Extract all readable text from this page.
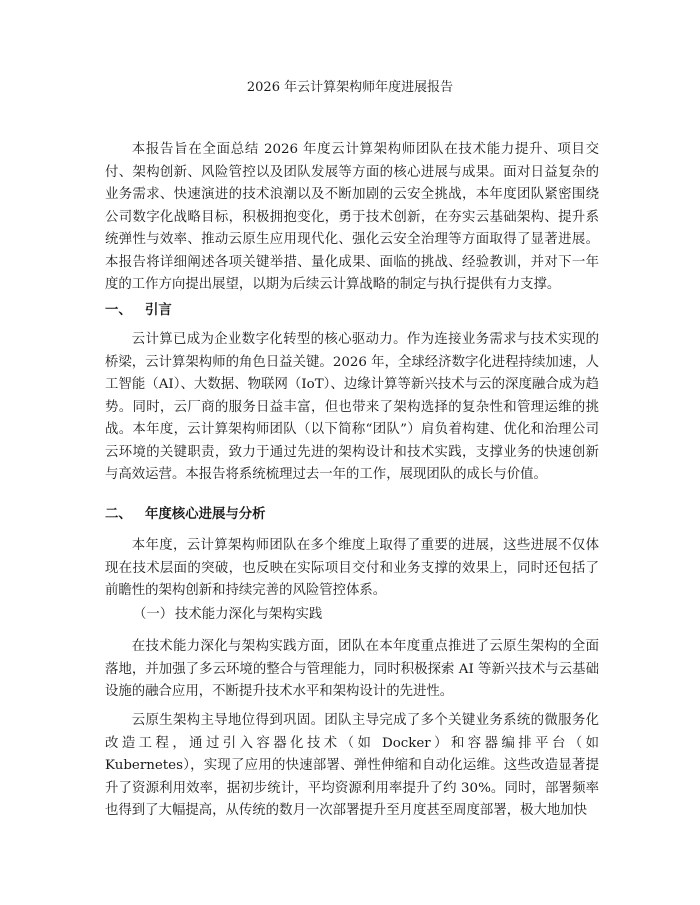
2026 年云计算架构师年度进展报告

本报告旨在全面总结 2026 年度云计算架构师团队在技术能力提升、项目交付、架构创新、风险管控以及团队发展等方面的核心进展与成果。面对日益复杂的业务需求、快速演进的技术浪潮以及不断加剧的云安全挑战，本年度团队紧密围绕公司数字化战略目标，积极拥抱变化，勇于技术创新，在夯实云基础架构、提升系统弹性与效率、推动云原生应用现代化、强化云安全治理等方面取得了显著进展。本报告将详细阐述各项关键举措、量化成果、面临的挑战、经验教训，并对下一年度的工作方向提出展望，以期为后续云计算战略的制定与执行提供有力支撑。

一、 引言

云计算已成为企业数字化转型的核心驱动力。作为连接业务需求与技术实现的桥梁，云计算架构师的角色日益关键。2026 年，全球经济数字化进程持续加速，人工智能（AI）、大数据、物联网（IoT）、边缘计算等新兴技术与云的深度融合成为趋势。同时，云厂商的服务日益丰富，但也带来了架构选择的复杂性和管理运维的挑战。本年度，云计算架构师团队（以下简称“团队”）肩负着构建、优化和治理公司云环境的关键职责，致力于通过先进的架构设计和技术实践，支撑业务的快速创新与高效运营。本报告将系统梳理过去一年的工作，展现团队的成长与价值。

二、 年度核心进展与分析

本年度，云计算架构师团队在多个维度上取得了重要的进展，这些进展不仅体现在技术层面的突破，也反映在实际项目交付和业务支撑的效果上，同时还包括了前瞻性的架构创新和持续完善的风险管控体系。

（一） 技术能力深化与架构实践

在技术能力深化与架构实践方面，团队在本年度重点推进了云原生架构的全面落地，并加强了多云环境的整合与管理能力，同时积极探索 AI 等新兴技术与云基础设施的融合应用，不断提升技术水平和架构设计的先进性。

云原生架构主导地位得到巩固。团队主导完成了多个关键业务系统的微服务化改造工程，通过引入容器化技术（如 Docker）和容器编排平台（如 Kubernetes），实现了应用的快速部署、弹性伸缩和自动化运维。这些改造显著提升了资源利用效率，据初步统计，平均资源利用率提升了约 30%。同时，部署频率也得到了大幅提高，从传统的数月一次部署提升至月度甚至周度部署，极大地加快
